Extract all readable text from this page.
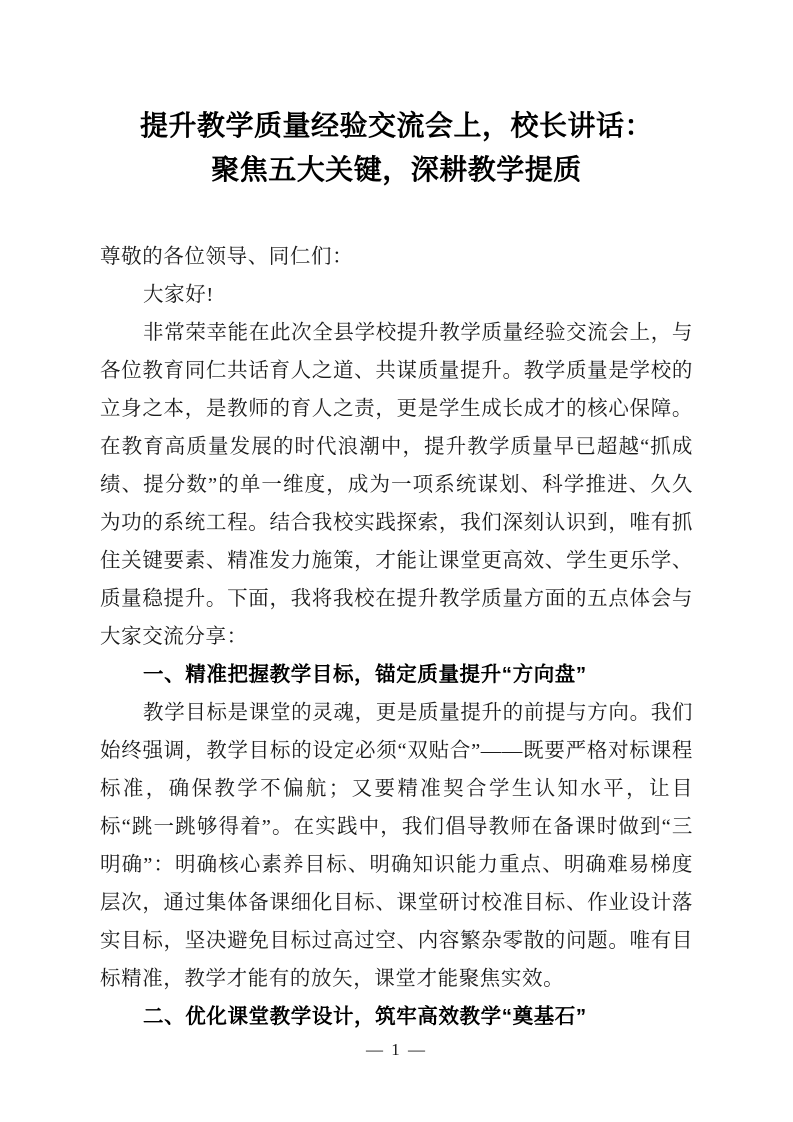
提升教学质量经验交流会上，校长讲话：
聚焦五大关键，深耕教学提质

尊敬的各位领导、同仁们：

大家好!

非常荣幸能在此次全县学校提升教学质量经验交流会上，与各位教育同仁共话育人之道、共谋质量提升。教学质量是学校的立身之本，是教师的育人之责，更是学生成长成才的核心保障。在教育高质量发展的时代浪潮中，提升教学质量早已超越“抓成绩、提分数”的单一维度，成为一项系统谋划、科学推进、久久为功的系统工程。结合我校实践探索，我们深刻认识到，唯有抓住关键要素、精准发力施策，才能让课堂更高效、学生更乐学、质量稳提升。下面，我将我校在提升教学质量方面的五点体会与大家交流分享：

一、精准把握教学目标，锚定质量提升“方向盘”

教学目标是课堂的灵魂，更是质量提升的前提与方向。我们始终强调，教学目标的设定必须“双贴合”——既要严格对标课程标准，确保教学不偏航；又要精准契合学生认知水平，让目标“跳一跳够得着”。在实践中，我们倡导教师在备课时做到“三明确”：明确核心素养目标、明确知识能力重点、明确难易梯度层次，通过集体备课细化目标、课堂研讨校准目标、作业设计落实目标，坚决避免目标过高过空、内容繁杂零散的问题。唯有目标精准，教学才能有的放矢，课堂才能聚焦实效。

二、优化课堂教学设计，筑牢高效教学“奠基石”

— 1 —
